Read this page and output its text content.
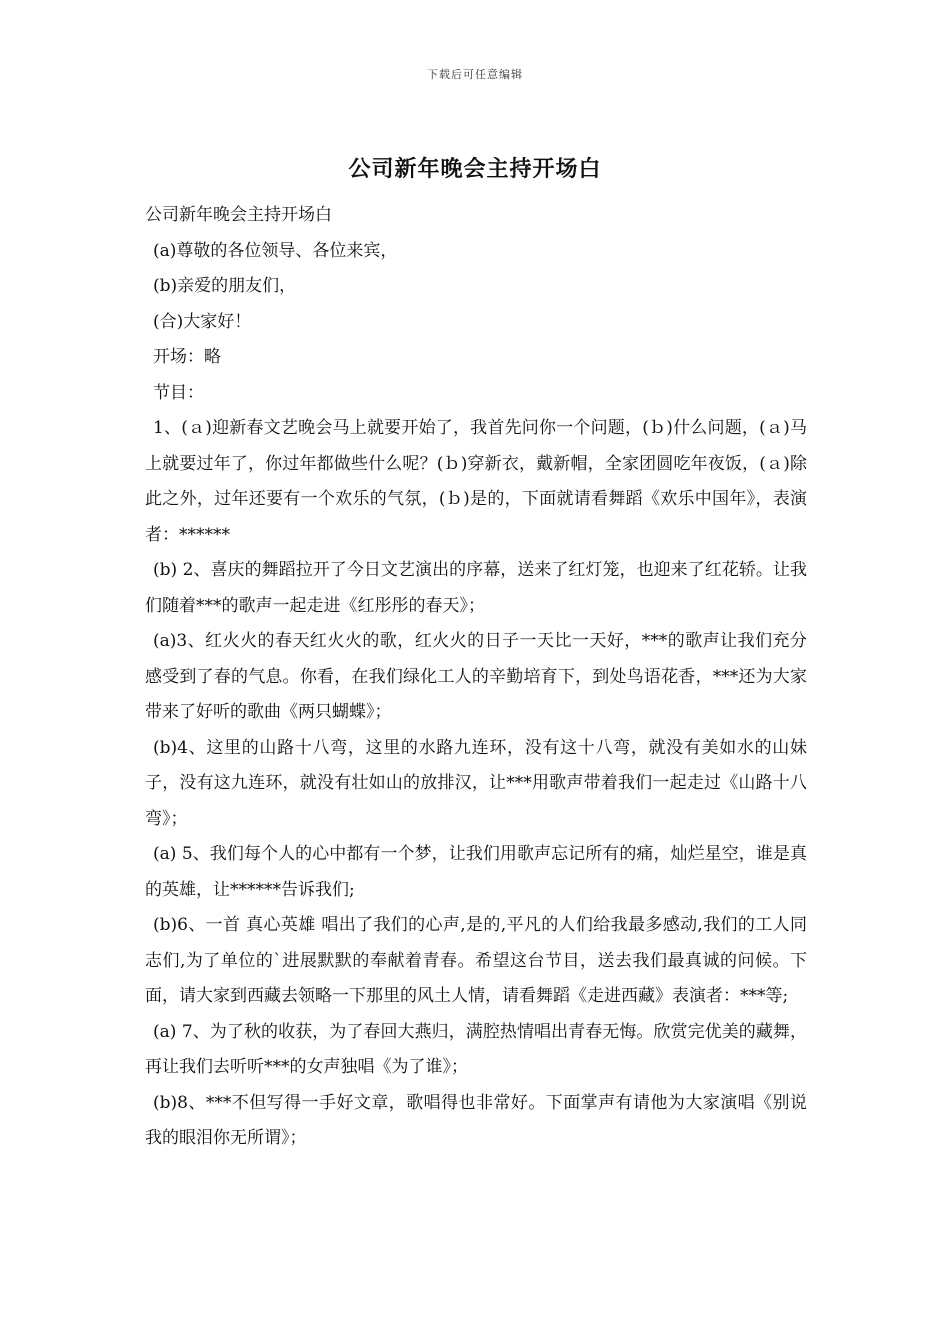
下载后可任意编辑
公司新年晚会主持开场白

公司新年晚会主持开场白

(a)尊敬的各位领导、各位来宾，

(b)亲爱的朋友们，

(合)大家好！

开场：略

节目：

1、(ａ)迎新春文艺晚会马上就要开始了，我首先问你一个问题，(ｂ)什么问题，(ａ)马上就要过年了，你过年都做些什么呢？(ｂ)穿新衣，戴新帽，全家团圆吃年夜饭，(ａ)除此之外，过年还要有一个欢乐的气氛，(ｂ)是的，下面就请看舞蹈《欢乐中国年》，表演者：******

(b) 2、喜庆的舞蹈拉开了今日文艺演出的序幕，送来了红灯笼，也迎来了红花轿。让我们随着***的歌声一起走进《红彤彤的春天》；

(a)3、红火火的春天红火火的歌，红火火的日子一天比一天好，***的歌声让我们充分感受到了春的气息。你看，在我们绿化工人的辛勤培育下，到处鸟语花香，***还为大家带来了好听的歌曲《两只蝴蝶》；

(b)4、这里的山路十八弯，这里的水路九连环，没有这十八弯，就没有美如水的山妹子，没有这九连环，就没有壮如山的放排汉，让***用歌声带着我们一起走过《山路十八弯》；

(a) 5、我们每个人的心中都有一个梦，让我们用歌声忘记所有的痛，灿烂星空，谁是真的英雄，让******告诉我们;

(b)6、一首 真心英雄 唱出了我们的心声,是的,平凡的人们给我最多感动,我们的工人同志们,为了单位的`进展默默的奉献着青春。希望这台节目，送去我们最真诚的问候。下面，请大家到西藏去领略一下那里的风土人情，请看舞蹈《走进西藏》表演者：***等;

(a) 7、为了秋的收获，为了春回大燕归，满腔热情唱出青春无悔。欣赏完优美的藏舞，再让我们去听听***的女声独唱《为了谁》；

(b)8、***不但写得一手好文章，歌唱得也非常好。下面掌声有请他为大家演唱《别说我的眼泪你无所谓》；
